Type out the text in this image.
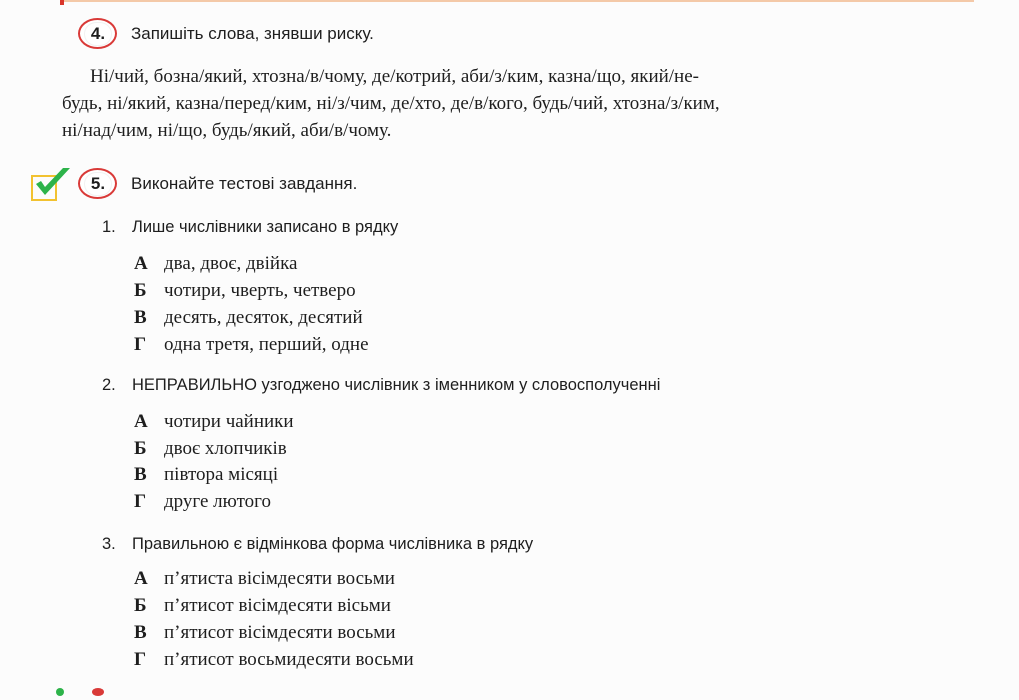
4.	Запишіть слова, знявши риску.
Ні/чий, бозна/який, хтозна/в/чому, де/котрий, аби/з/ким, казна/що, який/не-
будь, ні/який, казна/перед/ким, ні/з/чим, де/хто, де/в/кого, будь/чий, хтозна/з/ким,
ні/над/чим, ні/що, будь/який, аби/в/чому.
5.	Виконайте тестові завдання.
1. Лише числівники записано в рядку
А два, двоє, двійка
Б чотири, чверть, четверо
В десять, десяток, десятий
Г одна третя, перший, одне
2. НЕПРАВИЛЬНО узгоджено числівник з іменником у словосполученні
А чотири чайники
Б двоє хлопчиків
В півтора місяці
Г друге лютого
3. Правильною є відмінкова форма числівника в рядку
А п’ятиста вісімдесяти восьми
Б п’ятисот вісімдесяти вісьми
В п’ятисот вісімдесяти восьми
Г п’ятисот восьмидесяти восьми
